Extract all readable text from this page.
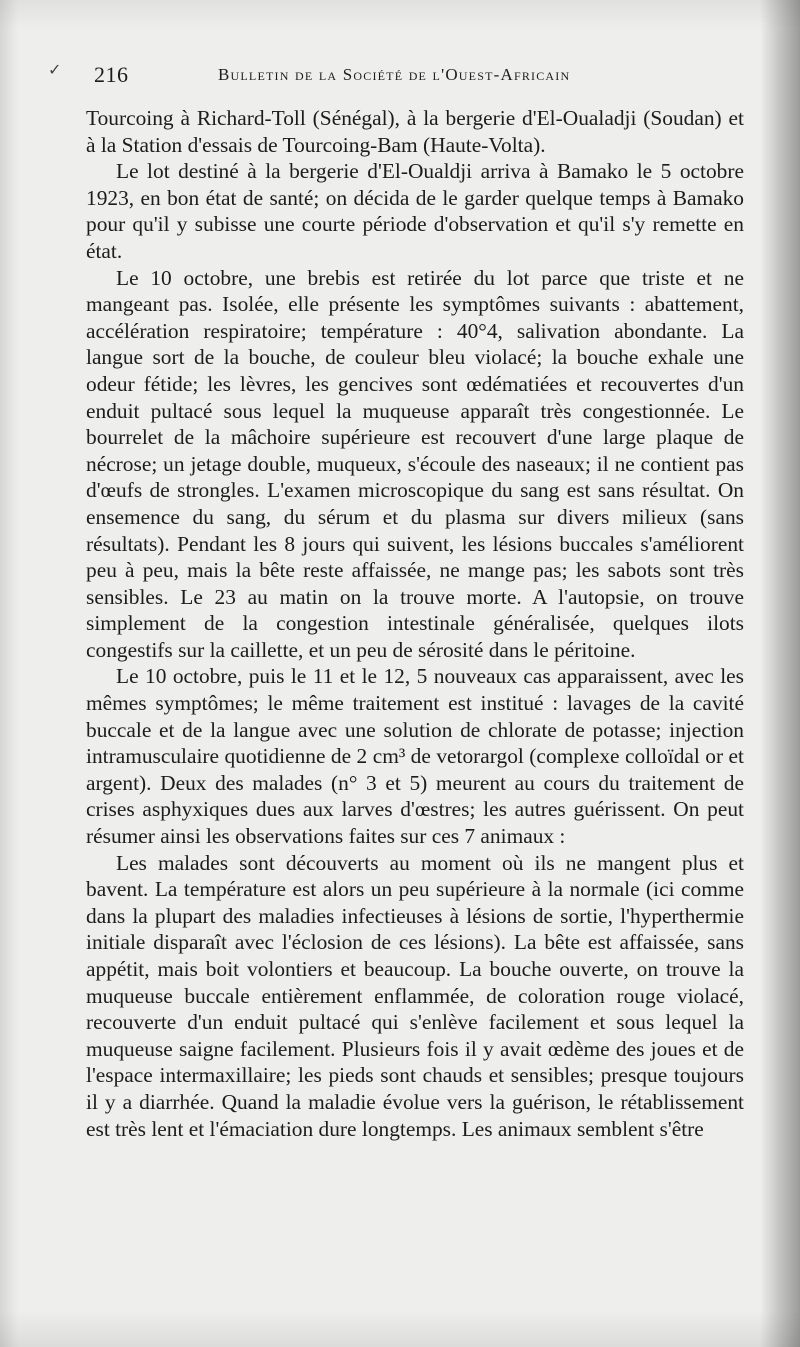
✓ 216	Bulletin de la Société de l'Ouest-Africain

Tourcoing à Richard-Toll (Sénégal), à la bergerie d'El-Oualadji (Soudan) et à la Station d'essais de Tourcoing-Bam (Haute-Volta).

Le lot destiné à la bergerie d'El-Oualdji arriva à Bamako le 5 octobre 1923, en bon état de santé; on décida de le garder quelque temps à Bamako pour qu'il y subisse une courte période d'observation et qu'il s'y remette en état.

Le 10 octobre, une brebis est retirée du lot parce que triste et ne mangeant pas. Isolée, elle présente les symptômes suivants : abattement, accélération respiratoire; température : 40°4, salivation abondante. La langue sort de la bouche, de couleur bleu violacé; la bouche exhale une odeur fétide; les lèvres, les gencives sont œdématiées et recouvertes d'un enduit pultacé sous lequel la muqueuse apparaît très congestionnée. Le bourrelet de la mâchoire supérieure est recouvert d'une large plaque de nécrose; un jetage double, muqueux, s'écoule des naseaux; il ne contient pas d'œufs de strongles. L'examen microscopique du sang est sans résultat. On ensemence du sang, du sérum et du plasma sur divers milieux (sans résultats). Pendant les 8 jours qui suivent, les lésions buccales s'améliorent peu à peu, mais la bête reste affaissée, ne mange pas; les sabots sont très sensibles. Le 23 au matin on la trouve morte. A l'autopsie, on trouve simplement de la congestion intestinale généralisée, quelques ilots congestifs sur la caillette, et un peu de sérosité dans le péritoine.

Le 10 octobre, puis le 11 et le 12, 5 nouveaux cas apparaissent, avec les mêmes symptômes; le même traitement est institué : lavages de la cavité buccale et de la langue avec une solution de chlorate de potasse; injection intramusculaire quotidienne de 2 cm³ de vetorargol (complexe colloïdal or et argent). Deux des malades (n° 3 et 5) meurent au cours du traitement de crises asphyxiques dues aux larves d'œstres; les autres guérissent. On peut résumer ainsi les observations faites sur ces 7 animaux :

Les malades sont découverts au moment où ils ne mangent plus et bavent. La température est alors un peu supérieure à la normale (ici comme dans la plupart des maladies infectieuses à lésions de sortie, l'hyperthermie initiale disparaît avec l'éclosion de ces lésions). La bête est affaissée, sans appétit, mais boit volontiers et beaucoup. La bouche ouverte, on trouve la muqueuse buccale entièrement enflammée, de coloration rouge violacé, recouverte d'un enduit pultacé qui s'enlève facilement et sous lequel la muqueuse saigne facilement. Plusieurs fois il y avait œdème des joues et de l'espace intermaxillaire; les pieds sont chauds et sensibles; presque toujours il y a diarrhée. Quand la maladie évolue vers la guérison, le rétablissement est très lent et l'émaciation dure longtemps. Les animaux semblent s'être
